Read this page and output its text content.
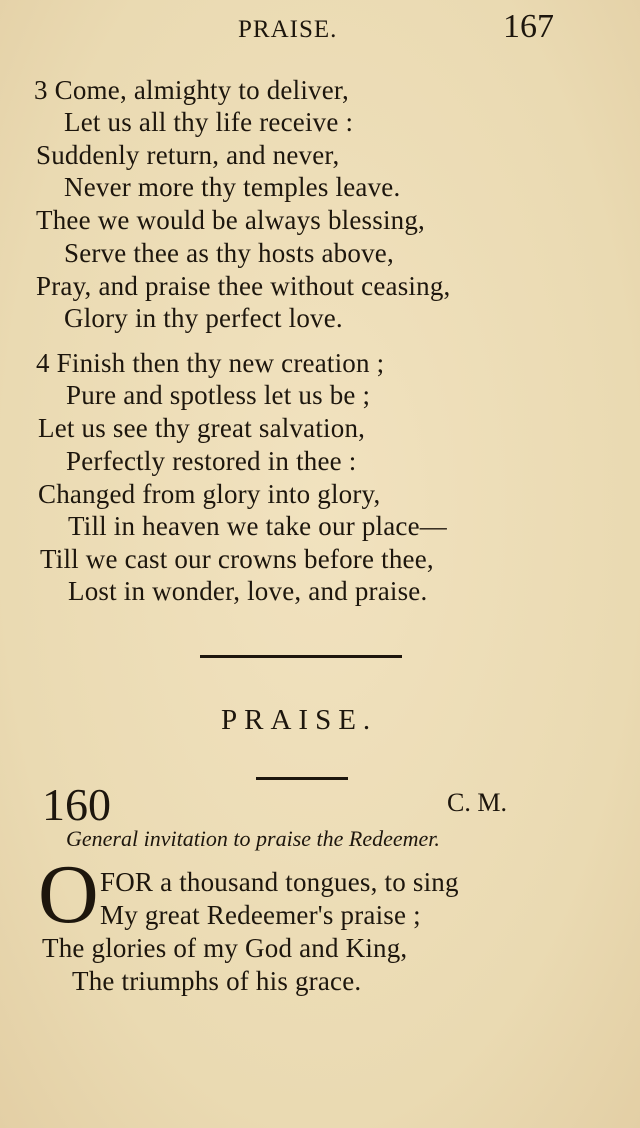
PRAISE.	167
3 Come, almighty to deliver,
Let us all thy life receive :
Suddenly return, and never,
Never more thy temples leave.
Thee we would be always blessing,
Serve thee as thy hosts above,
Pray, and praise thee without ceasing,
Glory in thy perfect love.
4 Finish then thy new creation ;
Pure and spotless let us be ;
Let us see thy great salvation,
Perfectly restored in thee :
Changed from glory into glory,
Till in heaven we take our place—
Till we cast our crowns before thee,
Lost in wonder, love, and praise.
PRAISE.
160	C. M.
General invitation to praise the Redeemer.
O FOR a thousand tongues, to sing
My great Redeemer's praise ;
The glories of my God and King,
The triumphs of his grace.
